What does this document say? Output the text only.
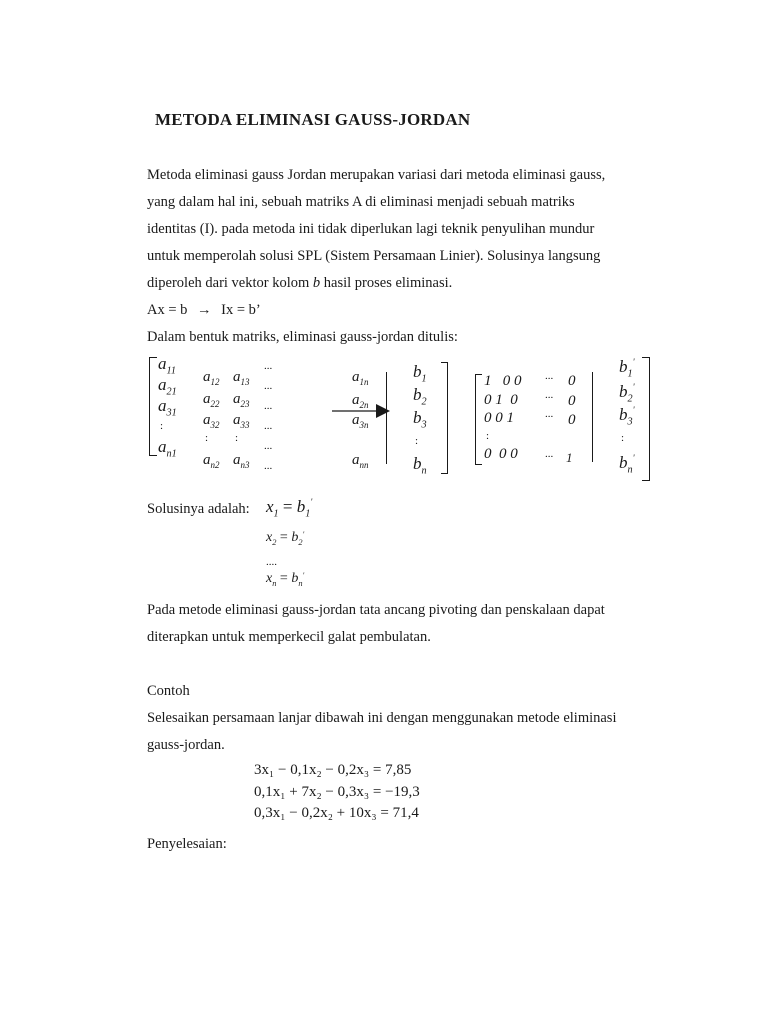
METODA ELIMINASI GAUSS-JORDAN
Metoda eliminasi gauss Jordan merupakan variasi dari metoda eliminasi gauss,
yang dalam hal ini, sebuah matriks A di eliminasi menjadi sebuah matriks
identitas (I). pada metoda ini tidak diperlukan lagi teknik penyulihan mundur
untuk memperolah solusi SPL (Sistem Persamaan Linier). Solusinya langsung
diperoleh dari vektor kolom b hasil proses eliminasi.
Ax = b → Ix = b’
Dalam bentuk matriks, eliminasi gauss-jordan ditulis:
$a_{11}$
$a_{21}$
$a_{31}$
:
$a_{n1}$
$a_{12}$
$a_{22}$
$a_{32}$
:
$a_{n2}$
$a_{13}$
$a_{23}$
$a_{33}$
:
$a_{n3}$
...
...
...
...
...
...
$a_{1n}$
$a_{2n}$
$a_{3n}$
$a_{nn}$
$b_1$
$b_2$
$b_3$
:
$b_n$
1   0 0 ... 0
0 1  0 ... 0
0 0 1	... 0
:
0  0 0 ... 1
$b_1'$
$b_2'$
$b_3'$
:
$b_n'$
Solusinya adalah: $x_1 = b_1'$
$x_2 = b_2'$
....
$x_n = b_n'$
Pada metode eliminasi gauss-jordan tata ancang pivoting dan penskalaan dapat
diterapkan untuk memperkecil galat pembulatan.
Contoh
Selesaikan persamaan lanjar dibawah ini dengan menggunakan metode eliminasi
gauss-jordan.
3x₁ − 0,1x₂ − 0,2x₃ = 7,85
0,1x₁ + 7x₂ − 0,3x₃ = −19,3
0,3x₁ − 0,2x₂ + 10x₃ = 71,4
Penyelesaian:
